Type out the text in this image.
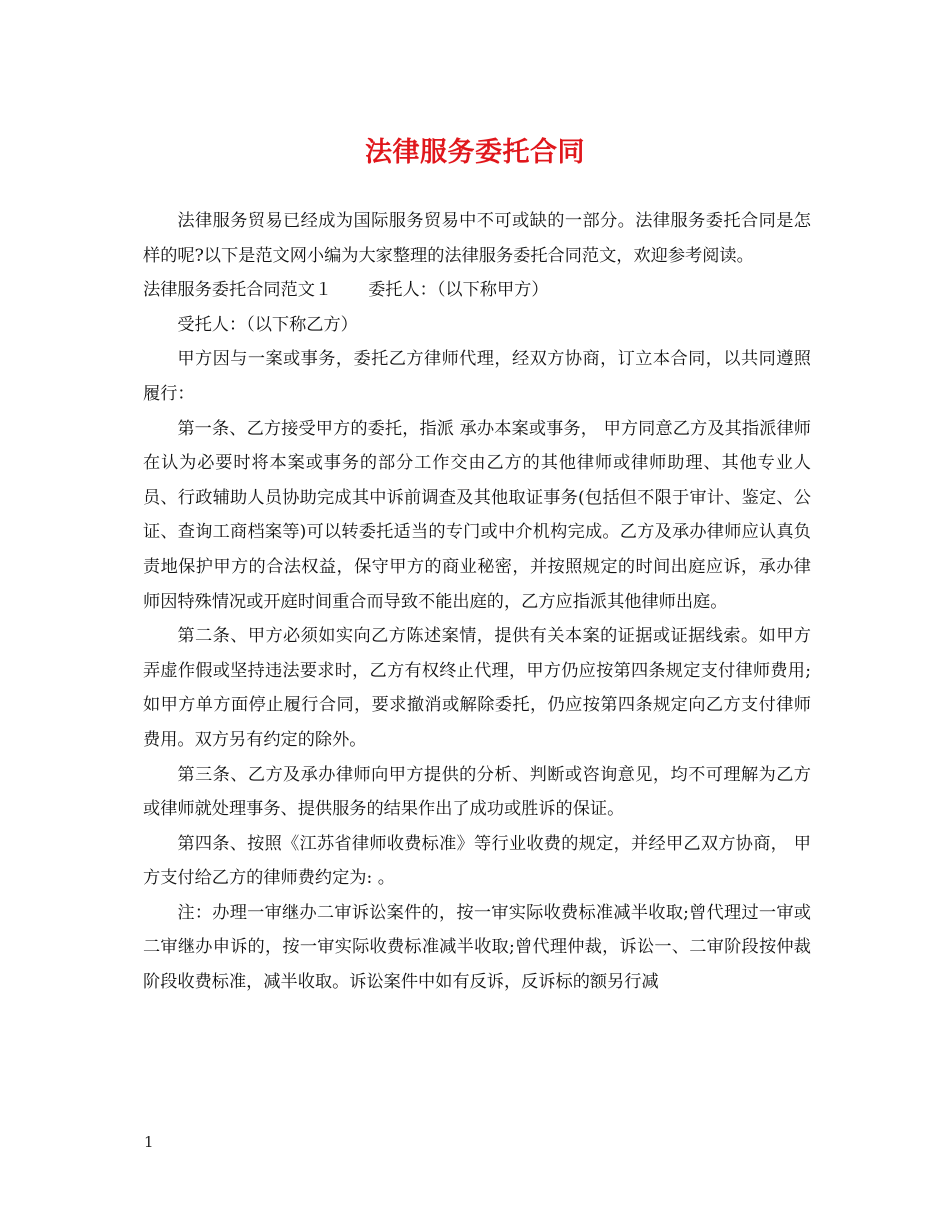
法律服务委托合同

法律服务贸易已经成为国际服务贸易中不可或缺的一部分。法律服务委托合同是怎样的呢?以下是范文网小编为大家整理的法律服务委托合同范文，欢迎参考阅读。

法律服务委托合同范文１ 委托人：（以下称甲方）

受托人：（以下称乙方）

甲方因与一案或事务，委托乙方律师代理，经双方协商，订立本合同，以共同遵照履行：

第一条、乙方接受甲方的委托，指派 承办本案或事务， 甲方同意乙方及其指派律师在认为必要时将本案或事务的部分工作交由乙方的其他律师或律师助理、其他专业人员、行政辅助人员协助完成其中诉前调查及其他取证事务(包括但不限于审计、鉴定、公证、查询工商档案等)可以转委托适当的专门或中介机构完成。乙方及承办律师应认真负责地保护甲方的合法权益，保守甲方的商业秘密，并按照规定的时间出庭应诉，承办律师因特殊情况或开庭时间重合而导致不能出庭的，乙方应指派其他律师出庭。

第二条、甲方必须如实向乙方陈述案情，提供有关本案的证据或证据线索。如甲方弄虚作假或坚持违法要求时，乙方有权终止代理，甲方仍应按第四条规定支付律师费用;如甲方单方面停止履行合同，要求撤消或解除委托，仍应按第四条规定向乙方支付律师费用。双方另有约定的除外。

第三条、乙方及承办律师向甲方提供的分析、判断或咨询意见，均不可理解为乙方或律师就处理事务、提供服务的结果作出了成功或胜诉的保证。

第四条、按照《江苏省律师收费标准》等行业收费的规定，并经甲乙双方协商， 甲方支付给乙方的律师费约定为: 。

注：办理一审继办二审诉讼案件的，按一审实际收费标准减半收取;曾代理过一审或二审继办申诉的，按一审实际收费标准减半收取;曾代理仲裁，诉讼一、二审阶段按仲裁阶段收费标准，减半收取。诉讼案件中如有反诉，反诉标的额另行减

1
